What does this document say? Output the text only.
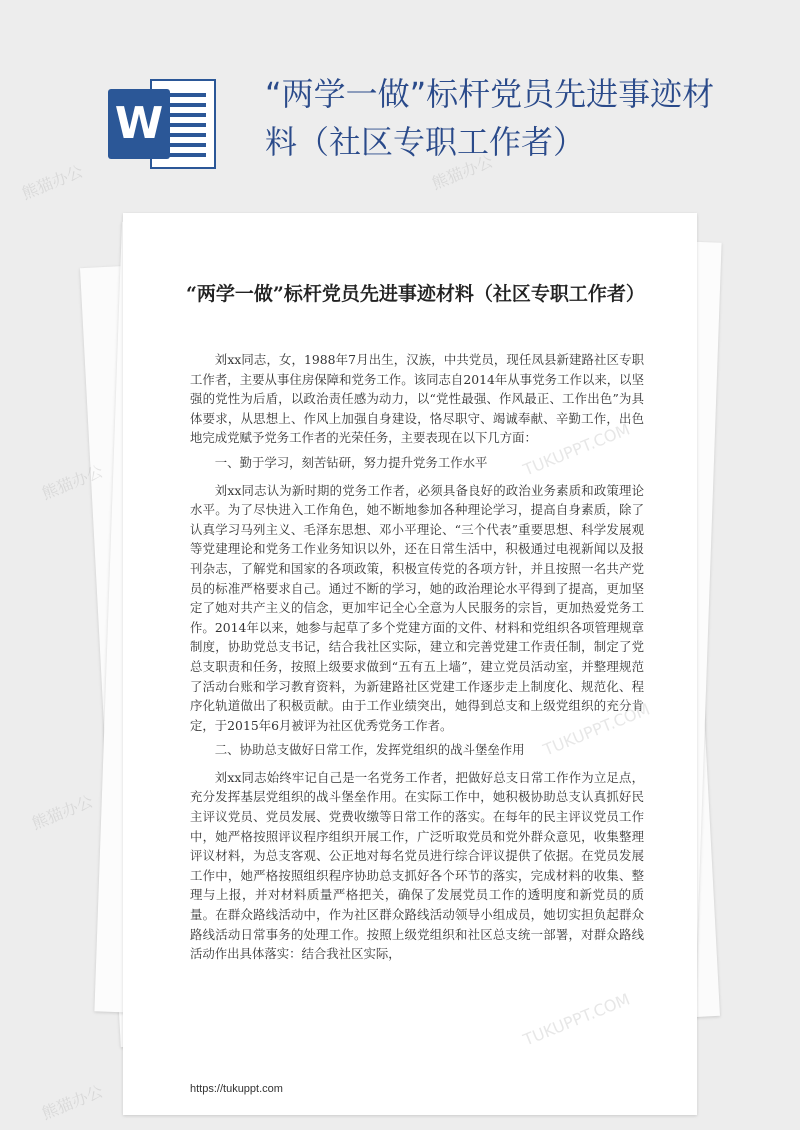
W
“两学一做”标杆党员先进事迹材料（社区专职工作者）
“两学一做”标杆党员先进事迹材料（社区专职工作者）

刘xx同志，女，1988年7月出生，汉族，中共党员，现任凤县新建路社区专职工作者，主要从事住房保障和党务工作。该同志自2014年从事党务工作以来，以坚强的党性为后盾，以政治责任感为动力，以“党性最强、作风最正、工作出色”为具体要求，从思想上、作风上加强自身建设，恪尽职守、竭诚奉献、辛勤工作，出色地完成党赋予党务工作者的光荣任务，主要表现在以下几方面：

一、勤于学习，刻苦钻研，努力提升党务工作水平

刘xx同志认为新时期的党务工作者，必须具备良好的政治业务素质和政策理论水平。为了尽快进入工作角色，她不断地参加各种理论学习，提高自身素质，除了认真学习马列主义、毛泽东思想、邓小平理论、“三个代表”重要思想、科学发展观等党建理论和党务工作业务知识以外，还在日常生活中，积极通过电视新闻以及报刊杂志，了解党和国家的各项政策，积极宣传党的各项方针，并且按照一名共产党员的标准严格要求自己。通过不断的学习，她的政治理论水平得到了提高，更加坚定了她对共产主义的信念，更加牢记全心全意为人民服务的宗旨，更加热爱党务工作。2014年以来，她参与起草了多个党建方面的文件、材料和党组织各项管理规章制度，协助党总支书记，结合我社区实际，建立和完善党建工作责任制，制定了党总支职责和任务，按照上级要求做到“五有五上墙”，建立党员活动室，并整理规范了活动台账和学习教育资料，为新建路社区党建工作逐步走上制度化、规范化、程序化轨道做出了积极贡献。由于工作业绩突出，她得到总支和上级党组织的充分肯定，于2015年6月被评为社区优秀党务工作者。

二、协助总支做好日常工作，发挥党组织的战斗堡垒作用

刘xx同志始终牢记自己是一名党务工作者，把做好总支日常工作作为立足点，充分发挥基层党组织的战斗堡垒作用。在实际工作中，她积极协助总支认真抓好民主评议党员、党员发展、党费收缴等日常工作的落实。在每年的民主评议党员工作中，她严格按照评议程序组织开展工作，广泛听取党员和党外群众意见，收集整理评议材料，为总支客观、公正地对每名党员进行综合评议提供了依据。在党员发展工作中，她严格按照组织程序协助总支抓好各个环节的落实，完成材料的收集、整理与上报，并对材料质量严格把关，确保了发展党员工作的透明度和新党员的质量。在群众路线活动中，作为社区群众路线活动领导小组成员，她切实担负起群众路线活动日常事务的处理工作。按照上级党组织和社区总支统一部署，对群众路线活动作出具体落实：结合我社区实际，

https://tukuppt.com
熊猫办公	熊猫办公
熊猫办公
熊猫办公
熊猫办公
